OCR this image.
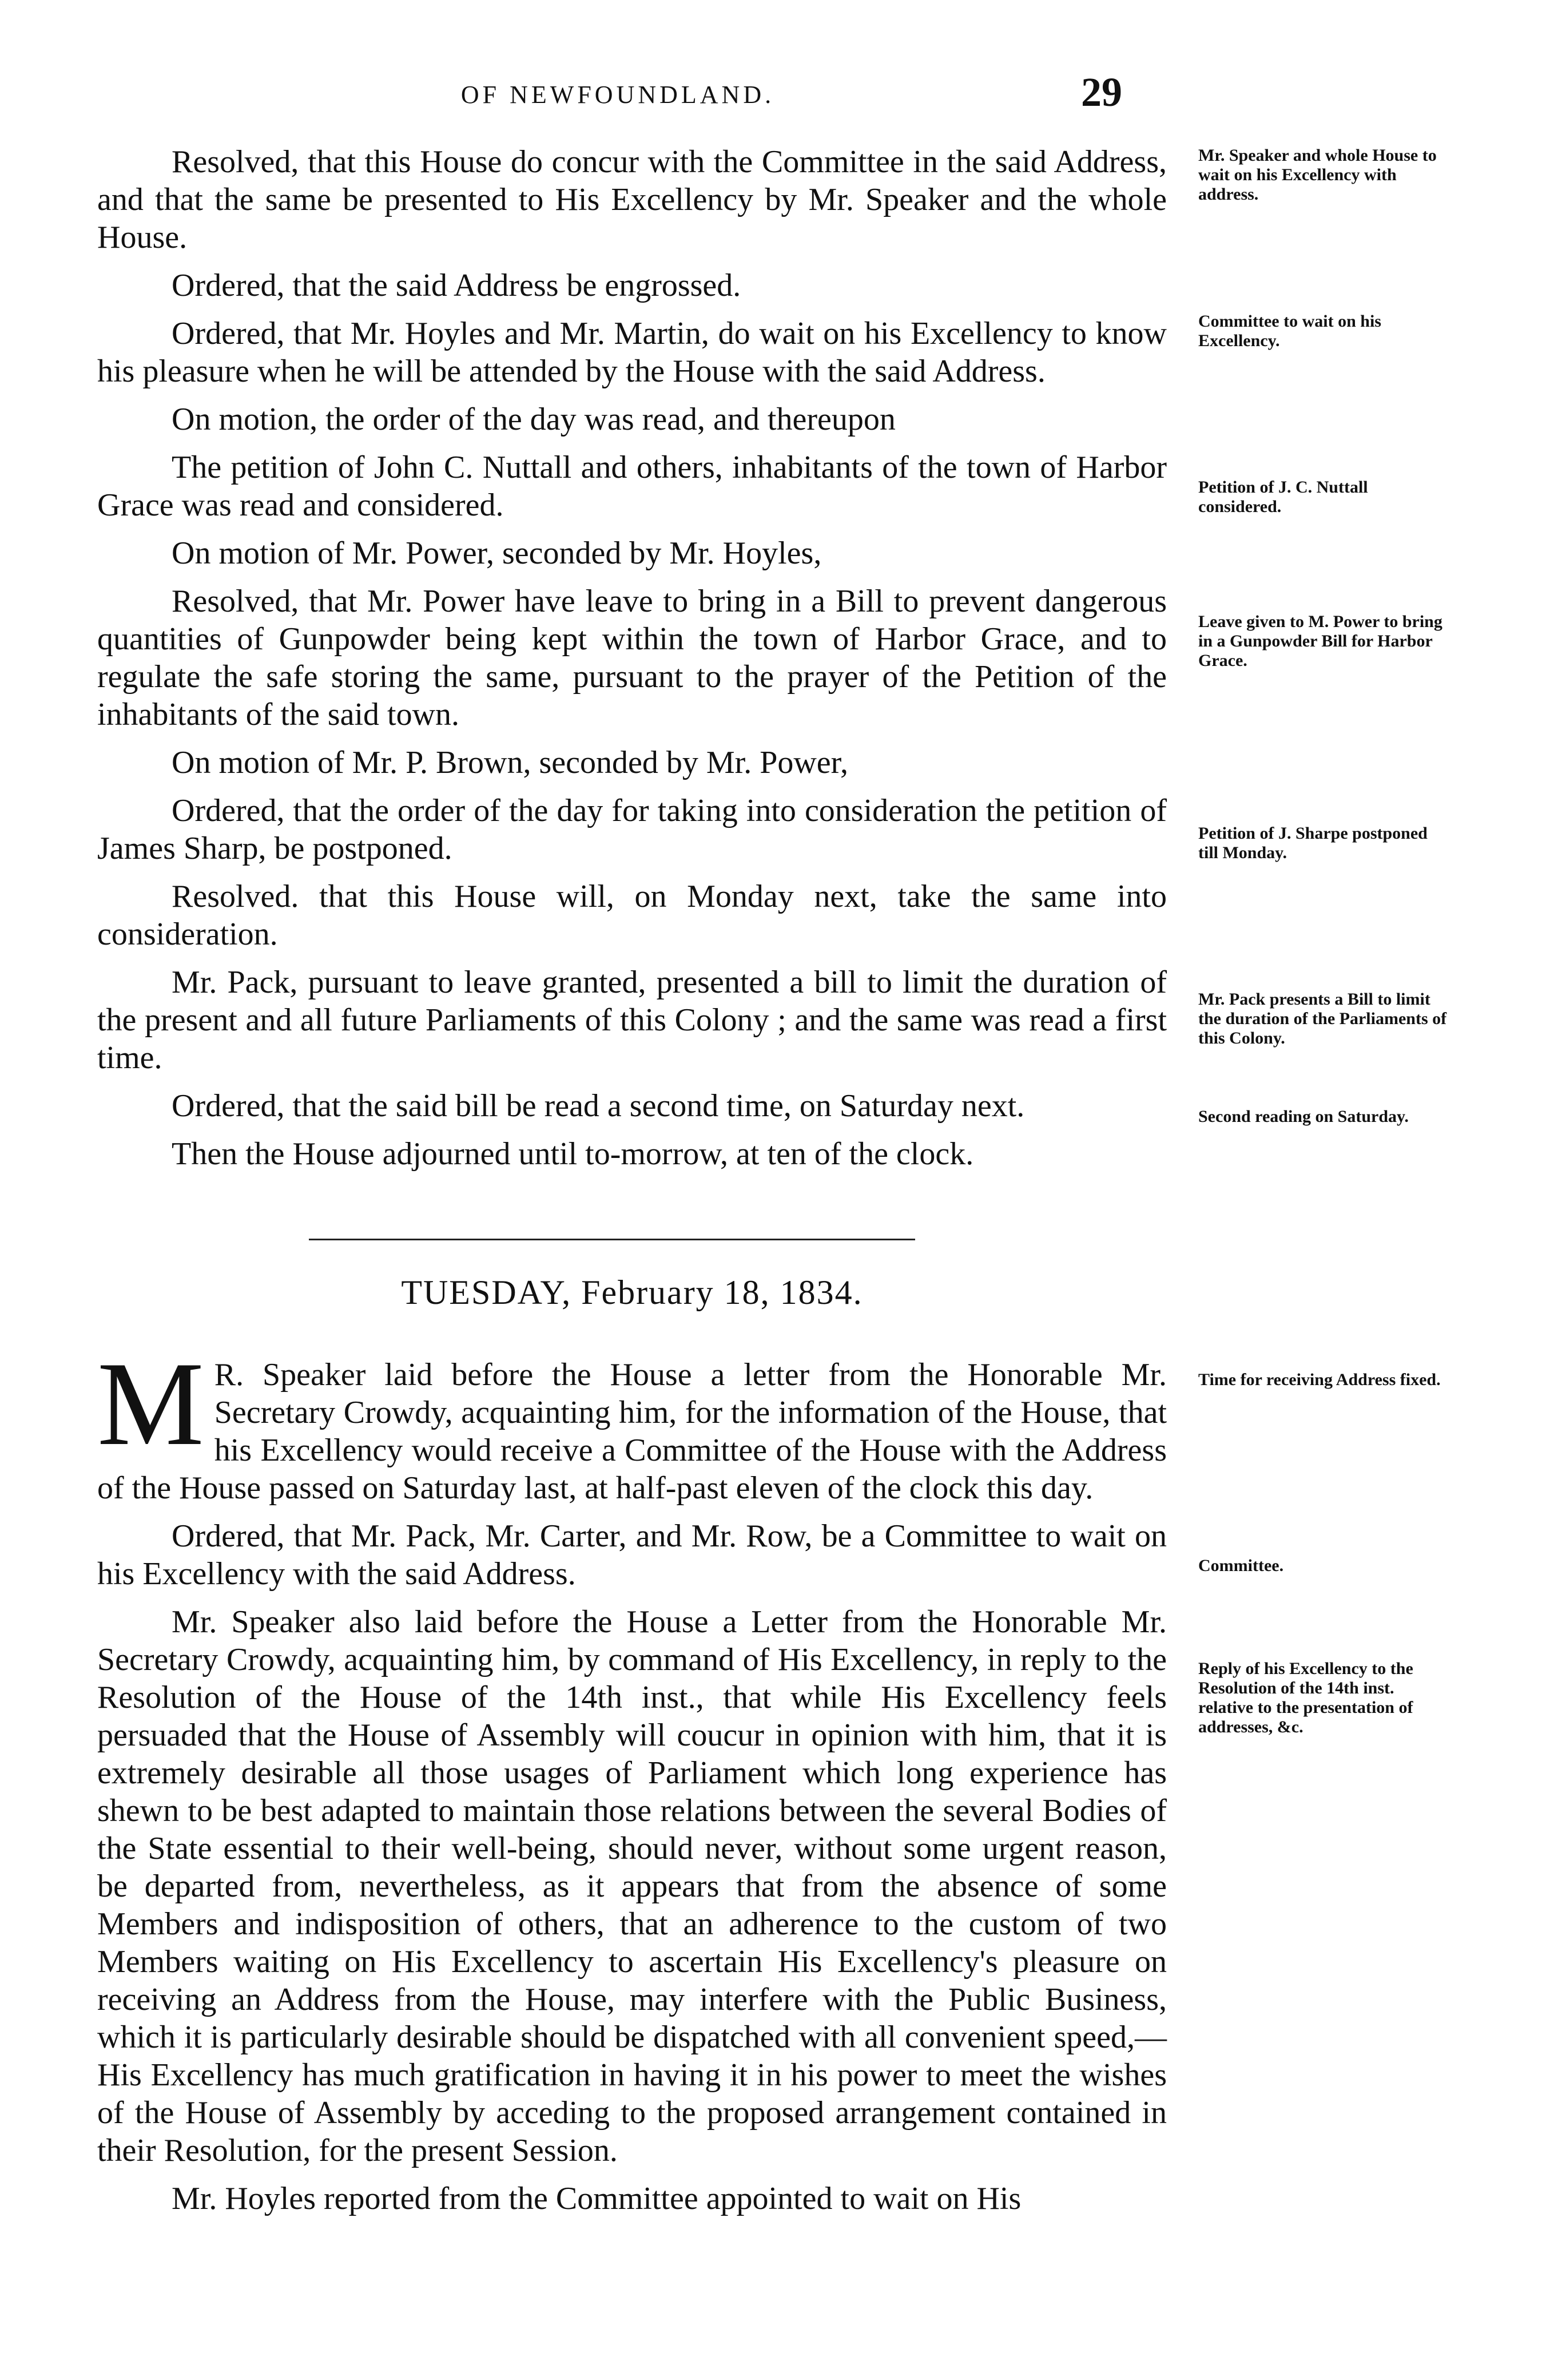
OF NEWFOUNDLAND.	29

Resolved, that this House do concur with the Committee in the said Address, and that the same be presented to His Excellency by Mr. Speaker and the whole House.

Ordered, that the said Address be engrossed.

Ordered, that Mr. Hoyles and Mr. Martin, do wait on his Excellency to know his pleasure when he will be attended by the House with the said Address.

On motion, the order of the day was read, and thereupon

The petition of John C. Nuttall and others, inhabitants of the town of Harbor Grace was read and considered.

On motion of Mr. Power, seconded by Mr. Hoyles,

Resolved, that Mr. Power have leave to bring in a Bill to prevent dangerous quantities of Gunpowder being kept within the town of Harbor Grace, and to regulate the safe storing the same, pursuant to the prayer of the Petition of the inhabitants of the said town.

On motion of Mr. P. Brown, seconded by Mr. Power,

Ordered, that the order of the day for taking into consideration the petition of James Sharp, be postponed.

Resolved. that this House will, on Monday next, take the same into consideration.

Mr. Pack, pursuant to leave granted, presented a bill to limit the duration of the present and all future Parliaments of this Colony ; and the same was read a first time.

Ordered, that the said bill be read a second time, on Saturday next.

Then the House adjourned until to-morrow, at ten of the clock.

TUESDAY, February 18, 1834.

M R. Speaker laid before the House a letter from the Honorable Mr. Secretary Crowdy, acquainting him, for the information of the House, that his Excellency would receive a Committee of the House with the Address of the House passed on Saturday last, at half-past eleven of the clock this day.

Ordered, that Mr. Pack, Mr. Carter, and Mr. Row, be a Committee to wait on his Excellency with the said Address.

Mr. Speaker also laid before the House a Letter from the Honorable Mr. Secretary Crowdy, acquainting him, by command of His Excellency, in reply to the Resolution of the House of the 14th inst., that while His Excellency feels persuaded that the House of Assembly will coucur in opinion with him, that it is extremely desirable all those usages of Parliament which long experience has shewn to be best adapted to maintain those relations between the several Bodies of the State essential to their well-being, should never, without some urgent reason, be departed from, nevertheless, as it appears that from the absence of some Members and indisposition of others, that an adherence to the custom of two Members waiting on His Excellency to ascertain His Excellency's pleasure on receiving an Address from the House, may interfere with the Public Business, which it is particularly desirable should be dispatched with all convenient speed,—His Excellency has much gratification in having it in his power to meet the wishes of the House of Assembly by acceding to the proposed arrangement contained in their Resolution, for the present Session.

Mr. Hoyles reported from the Committee appointed to wait on His

Mr. Speaker and whole House to wait on his Excellency with address.
Committee to wait on his Excellency.
Petition of J. C. Nuttall considered.
Leave given to M. Power to bring in a Gunpowder Bill for Harbor Grace.
Petition of J. Sharpe postponed till Monday.
Mr. Pack presents a Bill to limit the duration of the Parliaments of this Colony.
Second reading on Saturday.
Time for receiving Address fixed.
Committee.
Reply of his Excellency to the Resolution of the 14th inst. relative to the presentation of addresses, &c.
